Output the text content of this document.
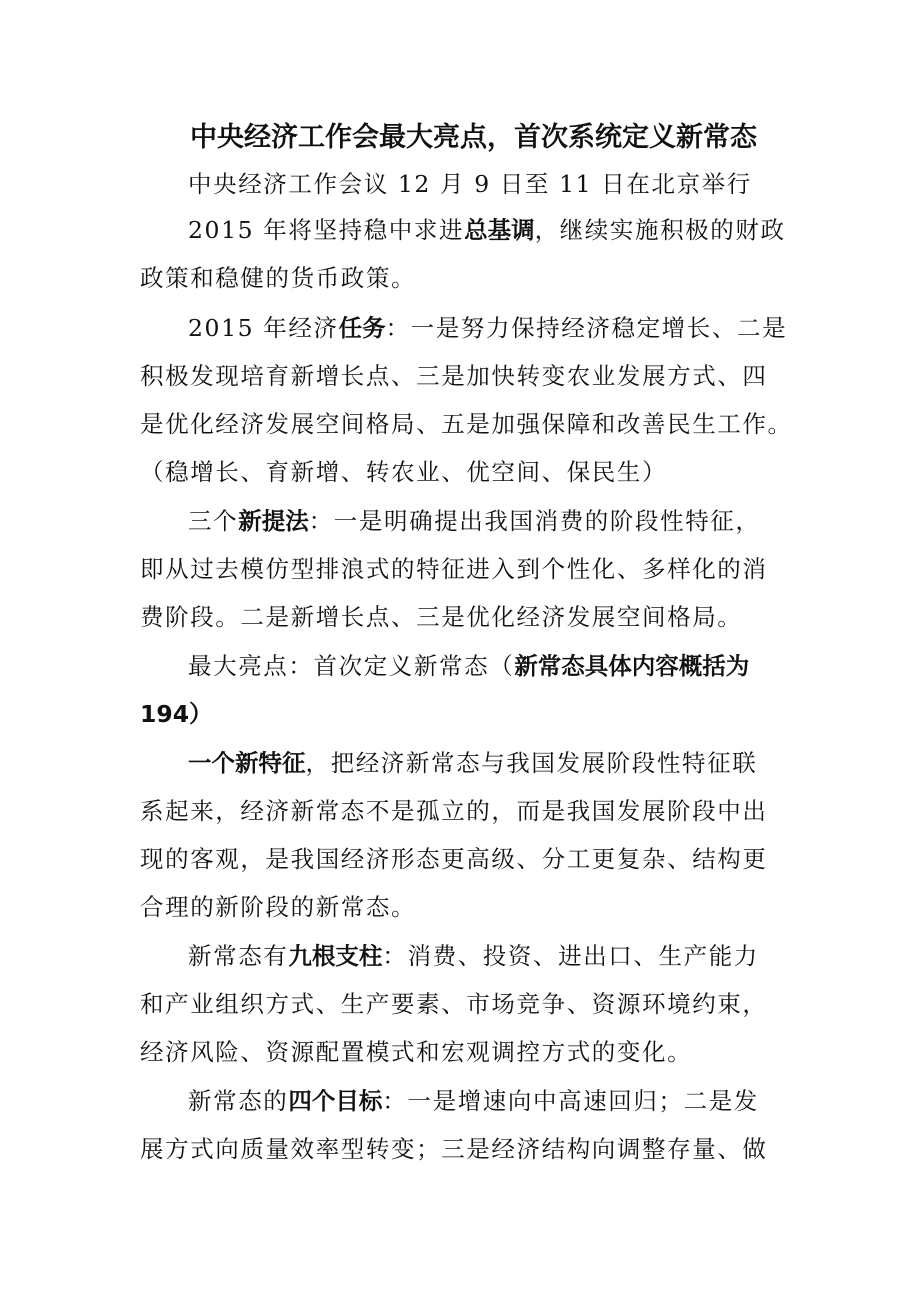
中央经济工作会最大亮点，首次系统定义新常态
中央经济工作会议 12 月 9 日至 11 日在北京举行
2015 年将坚持稳中求进总基调，继续实施积极的财政
政策和稳健的货币政策。
2015 年经济任务：一是努力保持经济稳定增长、二是
积极发现培育新增长点、三是加快转变农业发展方式、四
是优化经济发展空间格局、五是加强保障和改善民生工作。
（稳增长、育新增、转农业、优空间、保民生）
三个新提法：一是明确提出我国消费的阶段性特征，
即从过去模仿型排浪式的特征进入到个性化、多样化的消
费阶段。二是新增长点、三是优化经济发展空间格局。
最大亮点：首次定义新常态（新常态具体内容概括为
194）
一个新特征，把经济新常态与我国发展阶段性特征联
系起来，经济新常态不是孤立的，而是我国发展阶段中出
现的客观，是我国经济形态更高级、分工更复杂、结构更
合理的新阶段的新常态。
新常态有九根支柱：消费、投资、进出口、生产能力
和产业组织方式、生产要素、市场竞争、资源环境约束，
经济风险、资源配置模式和宏观调控方式的变化。
新常态的四个目标：一是增速向中高速回归；二是发
展方式向质量效率型转变；三是经济结构向调整存量、做
